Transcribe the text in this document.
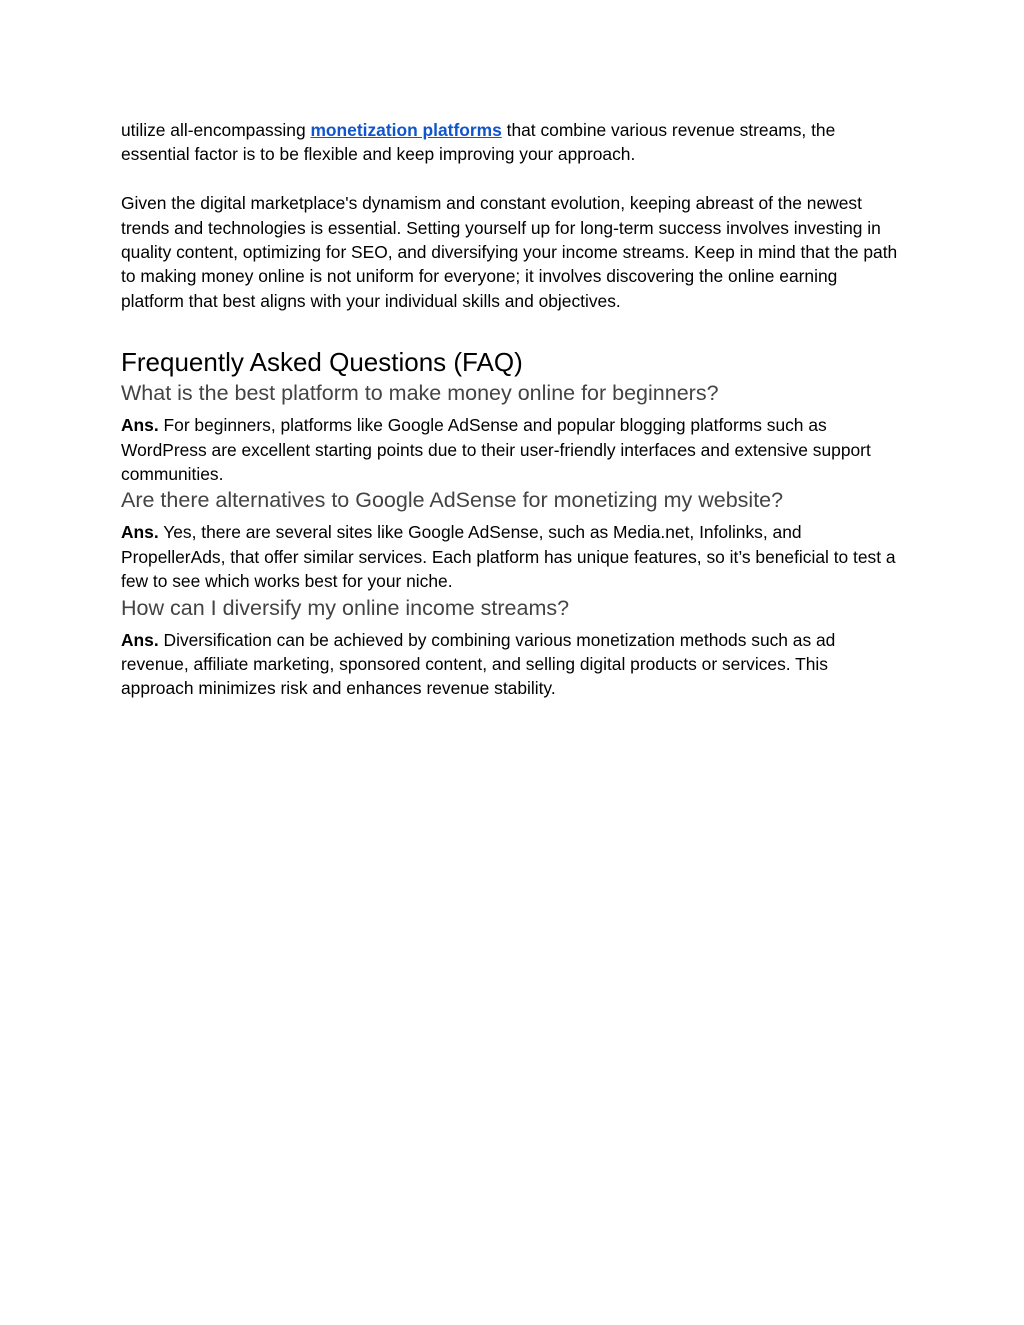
utilize all-encompassing monetization platforms that combine various revenue streams, the essential factor is to be flexible and keep improving your approach.

Given the digital marketplace's dynamism and constant evolution, keeping abreast of the newest trends and technologies is essential. Setting yourself up for long-term success involves investing in quality content, optimizing for SEO, and diversifying your income streams. Keep in mind that the path to making money online is not uniform for everyone; it involves discovering the online earning platform that best aligns with your individual skills and objectives.

Frequently Asked Questions (FAQ)
What is the best platform to make money online for beginners?

Ans. For beginners, platforms like Google AdSense and popular blogging platforms such as WordPress are excellent starting points due to their user-friendly interfaces and extensive support communities.

Are there alternatives to Google AdSense for monetizing my website?

Ans. Yes, there are several sites like Google AdSense, such as Media.net, Infolinks, and PropellerAds, that offer similar services. Each platform has unique features, so it’s beneficial to test a few to see which works best for your niche.

How can I diversify my online income streams?

Ans. Diversification can be achieved by combining various monetization methods such as ad revenue, affiliate marketing, sponsored content, and selling digital products or services. This approach minimizes risk and enhances revenue stability.
